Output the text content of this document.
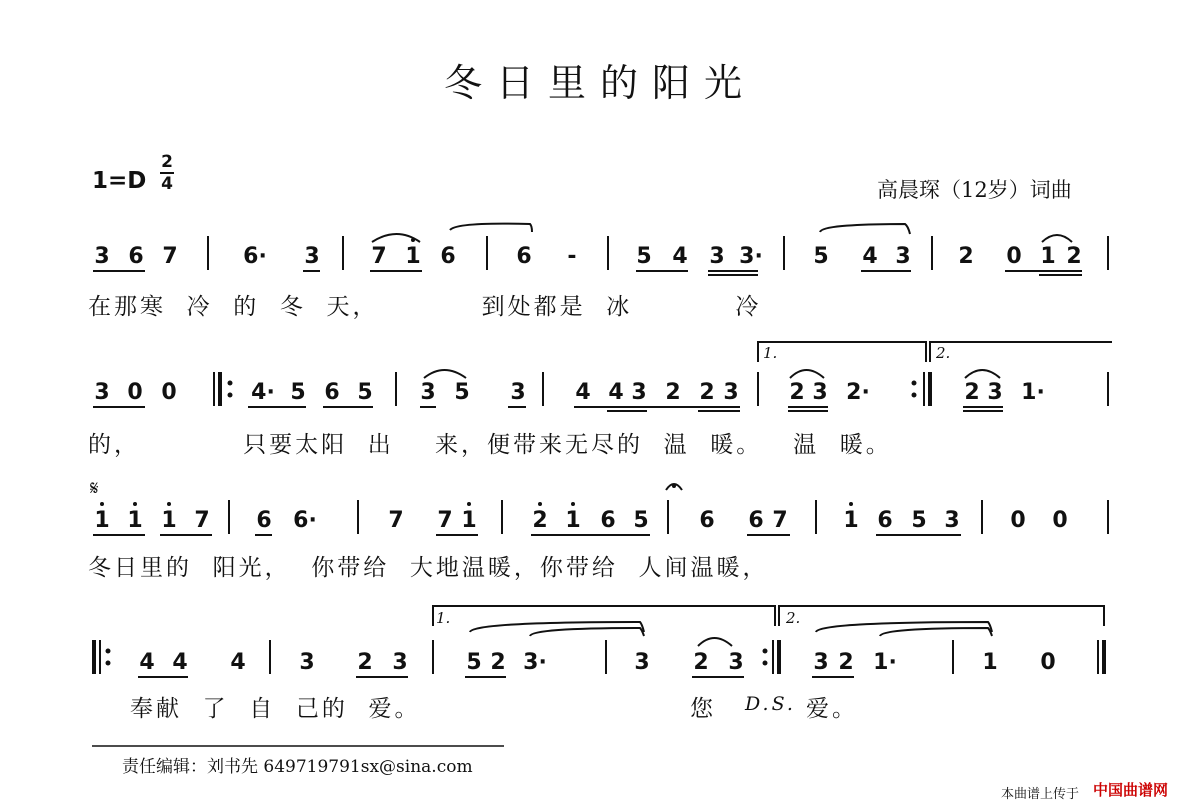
冬日里的阳光
1=D
2
4	高晨琛（12岁）词曲
3 6 7	6· 3 7 1 6	6 -	5 4 3 3· 5 4 3 2 0 1 2
在那寒  冷  的  冬  天，          到处都是  冰          冷
3 0 0	4· 5 6 5 3 5 3 4 4 3 2 2 3 2 3 2·	2 3 1·
的，          只要太阳  出    来，便带来无尽的  温  暖。   温  暖。
𝄋
1 1 1 7 6 6·	7 7 1	2 1 6 5 6 6 7	1 6 5 3 0 0
冬日里的  阳光，  你带给  大地温暖，你带给  人间温暖，
4 4 4 3 2 3	5 2 3·	3 2 3	3 2 1·	1 0
奉献  了  自  己的  爱。	您 D.S. 爱。
1.	2.
1.	2.
责任编辑：刘书先 649719791sx@sina.com
本曲谱上传于 中国曲谱网
